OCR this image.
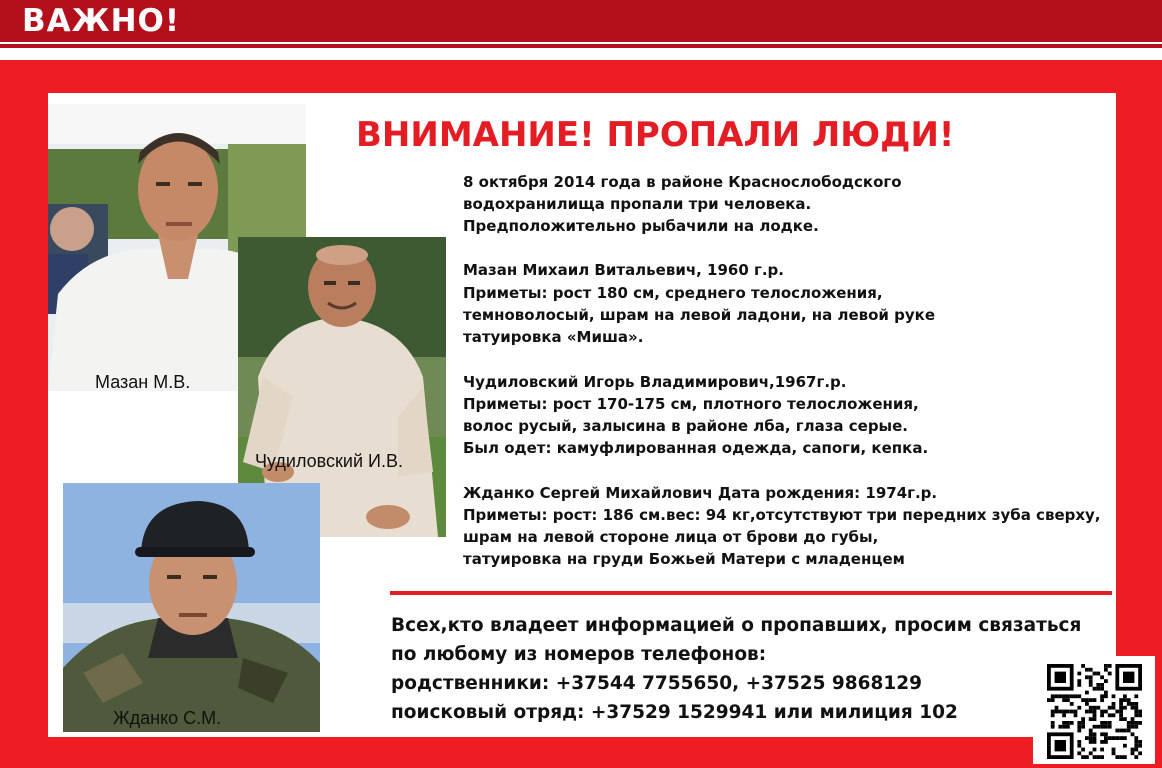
ВАЖНО!
Мазан М.В.
Чудиловский И.В.
Жданко С.М.
ВНИМАНИЕ! ПРОПАЛИ ЛЮДИ!

8 октября 2014 года в районе Краснослободского

водохранилища пропали три человека.

Предположительно рыбачили на лодке.

Мазан Михаил Витальевич, 1960 г.р.

Приметы: рост 180 см, среднего телосложения,

темноволосый, шрам на левой ладони, на левой руке

татуировка «Миша».

Чудиловский Игорь Владимирович,1967г.р.

Приметы: рост 170-175 см, плотного телосложения,

волос русый, залысина в районе лба, глаза серые.

Был одет: камуфлированная одежда, сапоги, кепка.

Жданко Сергей Михайлович Дата рождения: 1974г.р.

Приметы: рост: 186 см.вес: 94 кг,отсутствуют три передних зуба сверху,

шрам на левой стороне лица от брови до губы,

татуировка на груди Божьей Матери с младенцем

Всех,кто владеет информацией о пропавших, просим связаться
по любому из номеров телефонов:
родственники: +37544 7755650, +37525 9868129
поисковый отряд: +37529 1529941 или милиция 102
